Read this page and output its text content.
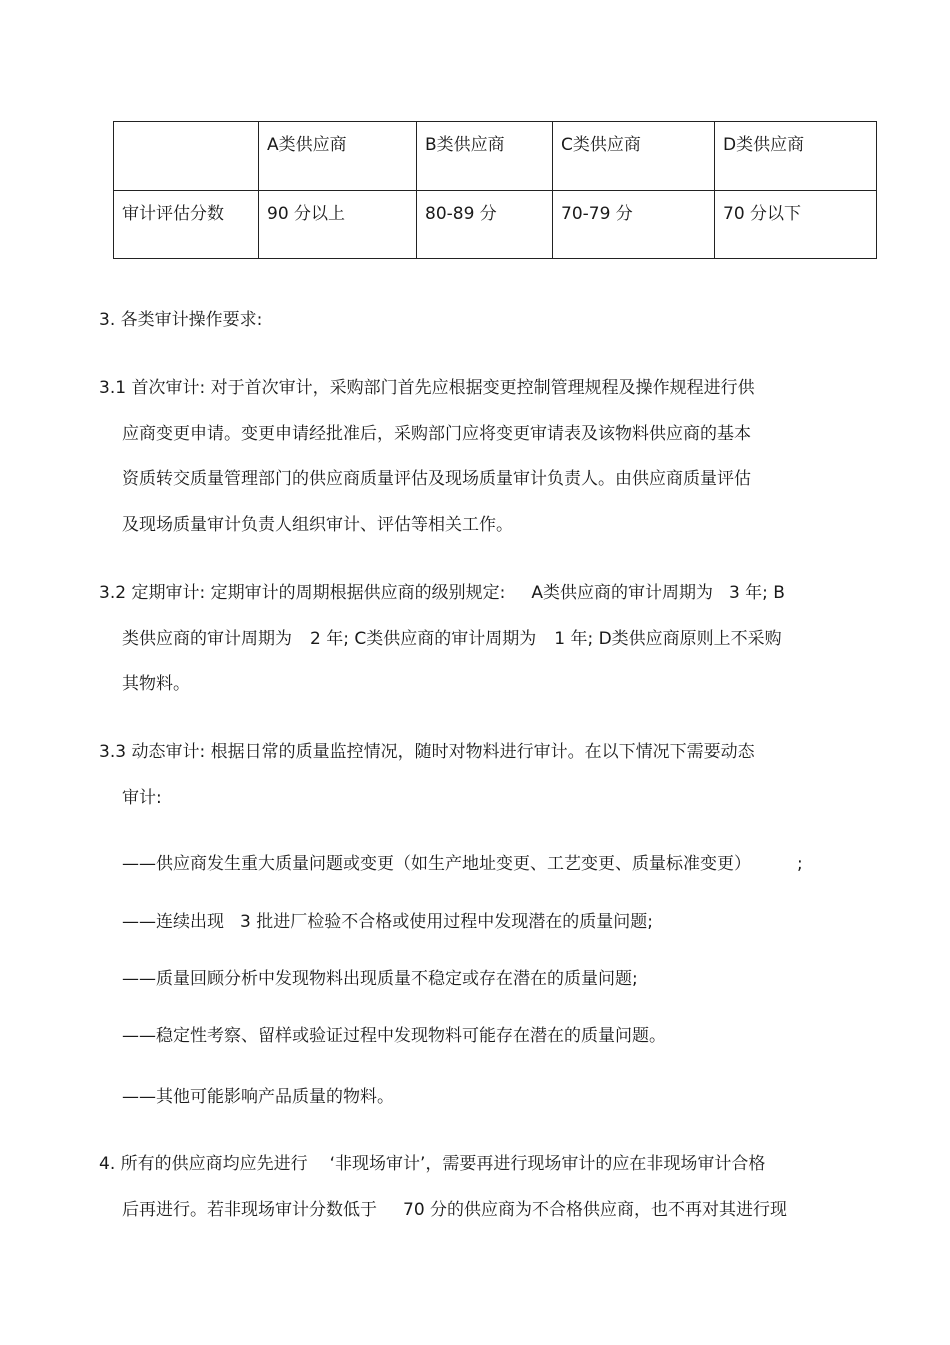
	A类供应商	B类供应商	C类供应商	D类供应商
审计评估分数	90 分以上	80-89 分	70-79 分	70 分以下
3. 各类审计操作要求:
3.1 首次审计: 对于首次审计，采购部门首先应根据变更控制管理规程及操作规程进行供
应商变更申请。变更申请经批准后，采购部门应将变更审请表及该物料供应商的基本
资质转交质量管理部门的供应商质量评估及现场质量审计负责人。由供应商质量评估
及现场质量审计负责人组织审计、评估等相关工作。
3.2 定期审计: 定期审计的周期根据供应商的级别规定: A类供应商的审计周期为 3 年; B
类供应商的审计周期为 2 年; C类供应商的审计周期为 1 年; D类供应商原则上不采购
其物料。
3.3 动态审计: 根据日常的质量监控情况，随时对物料进行审计。在以下情况下需要动态
审计:
——供应商发生重大质量问题或变更（如生产地址变更、工艺变更、质量标准变更）	;
——连续出现 3 批进厂检验不合格或使用过程中发现潜在的质量问题;
——质量回顾分析中发现物料出现质量不稳定或存在潜在的质量问题;
——稳定性考察、留样或验证过程中发现物料可能存在潜在的质量问题。
——其他可能影响产品质量的物料。
4. 所有的供应商均应先进行 ‘非现场审计’，需要再进行现场审计的应在非现场审计合格
后再进行。若非现场审计分数低于 70 分的供应商为不合格供应商，也不再对其进行现
